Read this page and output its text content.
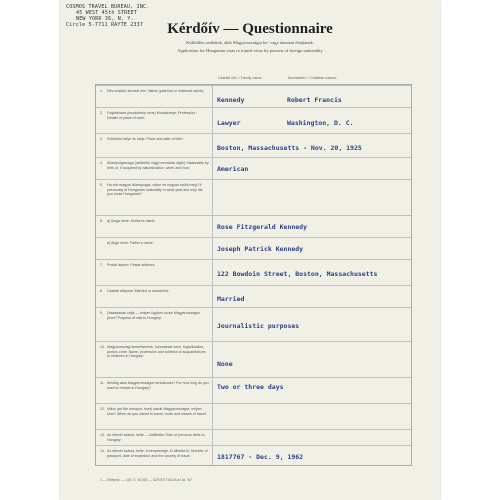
COSMOS TRAVEL BUREAU, INC.
45 WEST 45th STREET
NEW YORK 36, N. Y.
Circle 5-7711 RAYTE 2337	Kérdőív — Questionnaire
Külföldön születtek, akik Magyarországra be- vagy átutazni óhajtanak.
Application for Hungarian visas or transit-visas by persons of foreign nationality
Családi név: / Family name:	Keresztnév: / Christian names:
1. Név csalàdi, kereszt név: Name (paternal or maternal name):
Kennedy	Robert Francis
2. Foglalkozás (munkahely címe) Munkahelye: Profession / Details of place of work:
Lawyer	Washington, D. C.
3. Születési helye és ideje: Place and date of birth:
Boston, Massachusetts - Nov. 20, 1925
4. Állampolgársága (születési vagy honosítás útján): Nationality by birth or, if acquired by naturalization, when and how:	American
5. Ha volt magyar állampolgár, mikor és hogyan szűnt meg? If previously of Hungarian nationality in what year and why did you loose Hungarian?
6. a) Anyja neve: Mother's name:
Rose Fitzgerald Kennedy
b) Atyja neve: Father's name:
Joseph Patrick Kennedy
7. Postai lakcím: Postal address:
122 Bowdoin Street, Boston, Massachusetts
8. Családi állapota: Married or unmarried:
Married
9. Utazásának célja — milyen ügyben kíván Magyarországra jönni? Purpose of visit to Hungary:
Journalistic purposes
10. Magyarországi ismerőseinek, rokonainak neve, foglalkozása, pontos címe: Name, profession and address of acquaintances or relatives in Hungary:
None
11. Meddig akar Magyarországon tartózkodni? For how long do you want to remain in Hungary?	Two or three days
12. Mikor (ad the hónapot, évet) utazik Magyarországra, milyen úton? When do you intend to travel, route and means of travel:
13. Az útlevél száma, kelte — kiállította: Date of previous visits to Hungary:
14. Az útlevél száma, kelte, érvényessége, ki állította ki: Number of passport, date of expiration and the country of issue:	1817767 - Dec. 9, 1962
1 — 5/Népsk. — 100. 3. 18.000 — SZÍVES TUDJA ez AL “Ki”
